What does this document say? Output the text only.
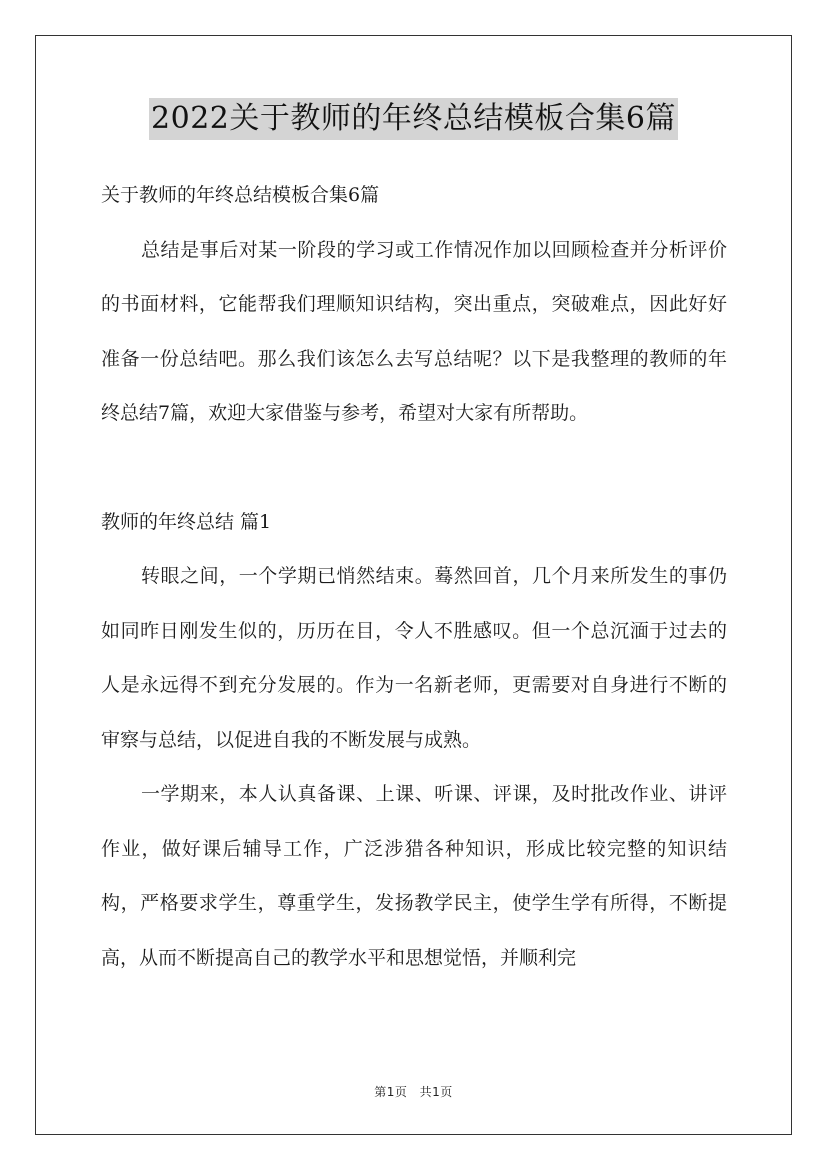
2022关于教师的年终总结模板合集6篇

关于教师的年终总结模板合集6篇

总结是事后对某一阶段的学习或工作情况作加以回顾检查并分析评价的书面材料，它能帮我们理顺知识结构，突出重点，突破难点，因此好好准备一份总结吧。那么我们该怎么去写总结呢？以下是我整理的教师的年终总结7篇，欢迎大家借鉴与参考，希望对大家有所帮助。

教师的年终总结 篇1

转眼之间，一个学期已悄然结束。蓦然回首，几个月来所发生的事仍如同昨日刚发生似的，历历在目，令人不胜感叹。但一个总沉湎于过去的人是永远得不到充分发展的。作为一名新老师，更需要对自身进行不断的审察与总结，以促进自我的不断发展与成熟。

一学期来，本人认真备课、上课、听课、评课，及时批改作业、讲评作业，做好课后辅导工作，广泛涉猎各种知识，形成比较完整的知识结构，严格要求学生，尊重学生，发扬教学民主，使学生学有所得，不断提高，从而不断提高自己的教学水平和思想觉悟，并顺利完

第1页 共1页
